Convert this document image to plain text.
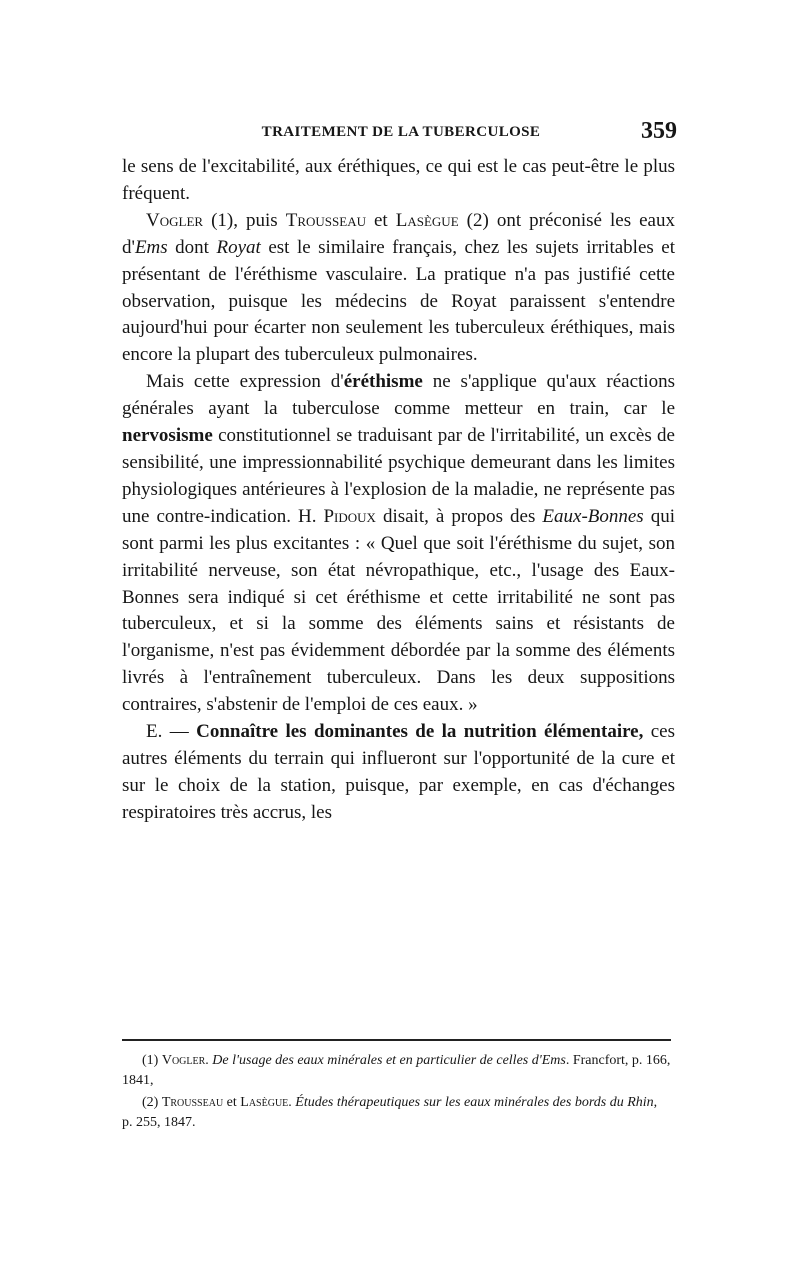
TRAITEMENT DE LA TUBERCULOSE	359

le sens de l'excitabilité, aux éréthiques, ce qui est le cas peut-être le plus fréquent.

Vogler (1), puis Trousseau et Lasègue (2) ont préconisé les eaux d'Ems dont Royat est le similaire français, chez les sujets irritables et présentant de l'éréthisme vasculaire. La pratique n'a pas justifié cette observation, puisque les médecins de Royat paraissent s'entendre aujourd'hui pour écarter non seulement les tuberculeux éréthiques, mais encore la plupart des tuberculeux pulmonaires.

Mais cette expression d'éréthisme ne s'applique qu'aux réactions générales ayant la tuberculose comme metteur en train, car le nervosisme constitutionnel se traduisant par de l'irritabilité, un excès de sensibilité, une impressionnabilité psychique demeurant dans les limites physiologiques antérieures à l'explosion de la maladie, ne représente pas une contre-indication. H. Pidoux disait, à propos des Eaux-Bonnes qui sont parmi les plus excitantes : « Quel que soit l'éréthisme du sujet, son irritabilité nerveuse, son état névropathique, etc., l'usage des Eaux-Bonnes sera indiqué si cet éréthisme et cette irritabilité ne sont pas tuberculeux, et si la somme des éléments sains et résistants de l'organisme, n'est pas évidemment débordée par la somme des éléments livrés à l'entraînement tuberculeux. Dans les deux suppositions contraires, s'abstenir de l'emploi de ces eaux. »

E. — Connaître les dominantes de la nutrition élémentaire, ces autres éléments du terrain qui influeront sur l'opportunité de la cure et sur le choix de la station, puisque, par exemple, en cas d'échanges respiratoires très accrus, les

(1) Vogler. De l'usage des eaux minérales et en particulier de celles d'Ems. Francfort, p. 166, 1841,

(2) Trousseau et Lasègue. Études thérapeutiques sur les eaux minérales des bords du Rhin, p. 255, 1847.
